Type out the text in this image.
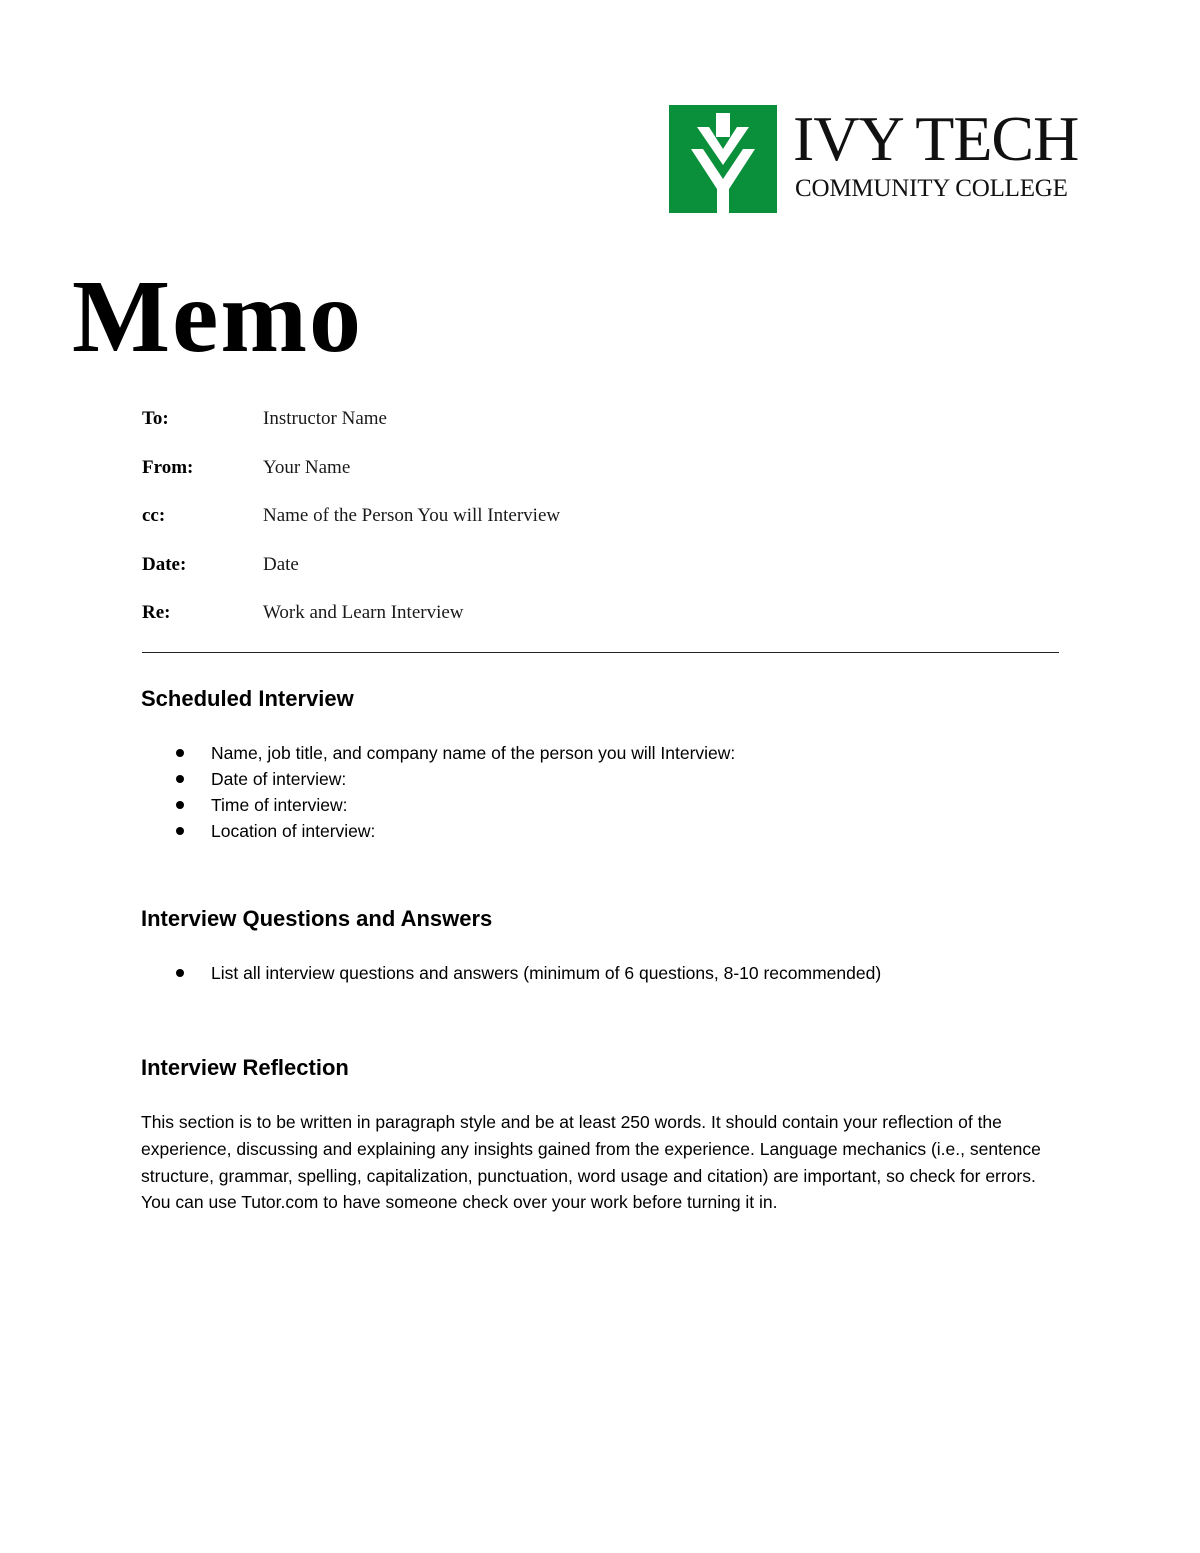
IVY TECH
COMMUNITY COLLEGE
Memo
To:	Instructor Name
From:	Your Name
cc:	Name of the Person You will Interview
Date:	Date
Re:	Work and Learn Interview
Scheduled Interview
Name, job title, and company name of the person you will Interview:
Date of interview:
Time of interview:
Location of interview:
Interview Questions and Answers
List all interview questions and answers (minimum of 6 questions, 8-10 recommended)
Interview Reflection

This section is to be written in paragraph style and be at least 250 words. It should contain your reflection of the experience, discussing and explaining any insights gained from the experience. Language mechanics (i.e., sentence structure, grammar, spelling, capitalization, punctuation, word usage and citation) are important, so check for errors. You can use Tutor.com to have someone check over your work before turning it in.
